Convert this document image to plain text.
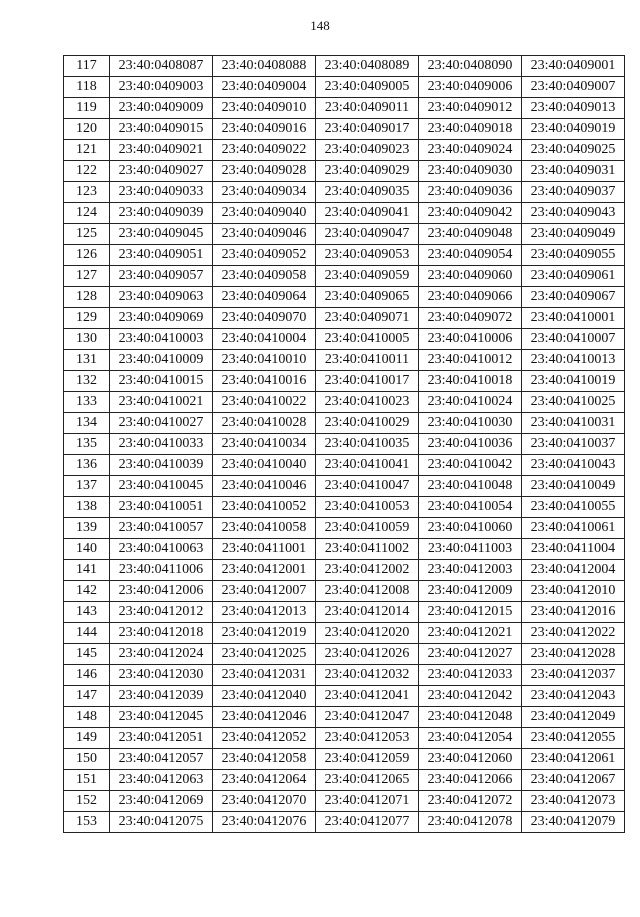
148
117	23:40:0408087	23:40:0408088	23:40:0408089	23:40:0408090	23:40:0409001
118	23:40:0409003	23:40:0409004	23:40:0409005	23:40:0409006	23:40:0409007
119	23:40:0409009	23:40:0409010	23:40:0409011	23:40:0409012	23:40:0409013
120	23:40:0409015	23:40:0409016	23:40:0409017	23:40:0409018	23:40:0409019
121	23:40:0409021	23:40:0409022	23:40:0409023	23:40:0409024	23:40:0409025
122	23:40:0409027	23:40:0409028	23:40:0409029	23:40:0409030	23:40:0409031
123	23:40:0409033	23:40:0409034	23:40:0409035	23:40:0409036	23:40:0409037
124	23:40:0409039	23:40:0409040	23:40:0409041	23:40:0409042	23:40:0409043
125	23:40:0409045	23:40:0409046	23:40:0409047	23:40:0409048	23:40:0409049
126	23:40:0409051	23:40:0409052	23:40:0409053	23:40:0409054	23:40:0409055
127	23:40:0409057	23:40:0409058	23:40:0409059	23:40:0409060	23:40:0409061
128	23:40:0409063	23:40:0409064	23:40:0409065	23:40:0409066	23:40:0409067
129	23:40:0409069	23:40:0409070	23:40:0409071	23:40:0409072	23:40:0410001
130	23:40:0410003	23:40:0410004	23:40:0410005	23:40:0410006	23:40:0410007
131	23:40:0410009	23:40:0410010	23:40:0410011	23:40:0410012	23:40:0410013
132	23:40:0410015	23:40:0410016	23:40:0410017	23:40:0410018	23:40:0410019
133	23:40:0410021	23:40:0410022	23:40:0410023	23:40:0410024	23:40:0410025
134	23:40:0410027	23:40:0410028	23:40:0410029	23:40:0410030	23:40:0410031
135	23:40:0410033	23:40:0410034	23:40:0410035	23:40:0410036	23:40:0410037
136	23:40:0410039	23:40:0410040	23:40:0410041	23:40:0410042	23:40:0410043
137	23:40:0410045	23:40:0410046	23:40:0410047	23:40:0410048	23:40:0410049
138	23:40:0410051	23:40:0410052	23:40:0410053	23:40:0410054	23:40:0410055
139	23:40:0410057	23:40:0410058	23:40:0410059	23:40:0410060	23:40:0410061
140	23:40:0410063	23:40:0411001	23:40:0411002	23:40:0411003	23:40:0411004
141	23:40:0411006	23:40:0412001	23:40:0412002	23:40:0412003	23:40:0412004
142	23:40:0412006	23:40:0412007	23:40:0412008	23:40:0412009	23:40:0412010
143	23:40:0412012	23:40:0412013	23:40:0412014	23:40:0412015	23:40:0412016
144	23:40:0412018	23:40:0412019	23:40:0412020	23:40:0412021	23:40:0412022
145	23:40:0412024	23:40:0412025	23:40:0412026	23:40:0412027	23:40:0412028
146	23:40:0412030	23:40:0412031	23:40:0412032	23:40:0412033	23:40:0412037
147	23:40:0412039	23:40:0412040	23:40:0412041	23:40:0412042	23:40:0412043
148	23:40:0412045	23:40:0412046	23:40:0412047	23:40:0412048	23:40:0412049
149	23:40:0412051	23:40:0412052	23:40:0412053	23:40:0412054	23:40:0412055
150	23:40:0412057	23:40:0412058	23:40:0412059	23:40:0412060	23:40:0412061
151	23:40:0412063	23:40:0412064	23:40:0412065	23:40:0412066	23:40:0412067
152	23:40:0412069	23:40:0412070	23:40:0412071	23:40:0412072	23:40:0412073
153	23:40:0412075	23:40:0412076	23:40:0412077	23:40:0412078	23:40:0412079
